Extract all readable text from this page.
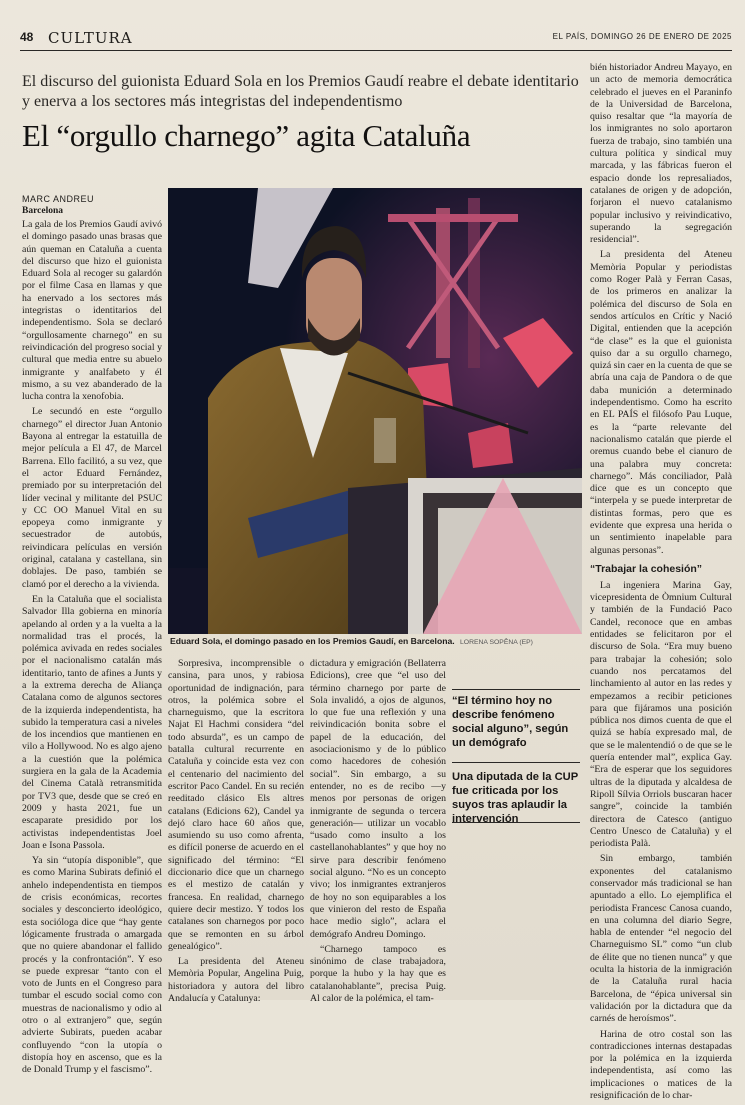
48 CULTURA	EL PAÍS, DOMINGO 26 DE ENERO DE 2025
El discurso del guionista Eduard Sola en los Premios Gaudí reabre el debate identitario y enerva a los sectores más integristas del independentismo
El “orgullo charnego” agita Cataluña
MARC ANDREU
Barcelona

La gala de los Premios Gaudí avivó el domingo pasado unas brasas que aún queman en Cataluña a cuenta del discurso que hizo el guionista Eduard Sola al recoger su galardón por el filme Casa en llamas y que ha enervado a los sectores más integristas o identitarios del independentismo. Sola se declaró “orgullosamente charnego” en su reivindicación del progreso social y cultural que media entre su abuelo inmigrante y analfabeto y él mismo, a su vez abanderado de la lucha contra la xenofobia.

Le secundó en este “orgullo charnego” el director Juan Antonio Bayona al entregar la estatuilla de mejor película a El 47, de Marcel Barrena. Ello facilitó, a su vez, que el actor Eduard Fernández, premiado por su interpretación del líder vecinal y militante del PSUC y CC OO Manuel Vital en su epopeya como inmigrante y secuestrador de autobús, reivindicara películas en versión original, catalana y castellana, sin doblajes. De paso, también se clamó por el derecho a la vivienda.

En la Cataluña que el socialista Salvador Illa gobierna en minoría apelando al orden y a la vuelta a la normalidad tras el procés, la polémica avivada en redes sociales por el nacionalismo catalán más identitario, tanto de afines a Junts y a la extrema derecha de Aliança Catalana como de algunos sectores de la izquierda independentista, ha subido la temperatura casi a niveles de los incendios que mantienen en vilo a Hollywood. No es algo ajeno a la cuestión que la polémica surgiera en la gala de la Academia del Cinema Català retransmitida por TV3 que, desde que se creó en 2009 y hasta 2021, fue un escaparate presidido por los activistas independentistas Joel Joan e Isona Passola.

Ya sin “utopía disponible”, que es como Marina Subirats definió el anhelo independentista en tiempos de crisis económicas, recortes sociales y desconcierto ideológico, esta socióloga dice que “hay gente lógicamente frustrada o amargada que no quiere abandonar el fallido procés y la confrontación”. Y eso se puede expresar “tanto con el voto de Junts en el Congreso para tumbar el escudo social como con muestras de nacionalismo y odio al otro o al extranjero” que, según advierte Subirats, pueden acabar confluyendo “con la utopía o distopía hoy en ascenso, que es la de Donald Trump y el fascismo”.

Eduard Sola, el domingo pasado en los Premios Gaudí, en Barcelona. LORENA SOPÊNA (EP)

Sorpresiva, incomprensible o cansina, para unos, y rabiosa oportunidad de indignación, para otros, la polémica sobre el charneguismo, que la escritora Najat El Hachmi considera “del todo absurda”, es un campo de batalla cultural recurrente en Cataluña y coincide esta vez con el centenario del nacimiento del escritor Paco Candel. En su recién reeditado clásico Els altres catalans (Edicions 62), Candel ya dejó claro hace 60 años que, asumiendo su uso como afrenta, es difícil ponerse de acuerdo en el significado del término: “El diccionario dice que un charnego es el mestizo de catalán y francesa. En realidad, charnego quiere decir mestizo. Y todos los catalanes son charnegos por poco que se remonten en su árbol genealógico”.

La presidenta del Ateneu Memòria Popular, Angelina Puig, historiadora y autora del libro Andalucía y Catalunya:

dictadura y emigración (Bellaterra Edicions), cree que “el uso del término charnego por parte de Sola invalidó, a ojos de algunos, lo que fue una reflexión y una reivindicación bonita sobre el papel de la educación, del asociacionismo y de lo público como hacedores de cohesión social”. Sin embargo, a su entender, no es de recibo —y menos por personas de origen inmigrante de segunda o tercera generación— utilizar un vocablo “usado como insulto a los castellanohablantes” y que hoy no sirve para describir fenómeno social alguno. “No es un concepto vivo; los inmigrantes extranjeros de hoy no son equiparables a los que vinieron del resto de España hace medio siglo”, aclara el demógrafo Andreu Domingo.

“Charnego tampoco es sinónimo de clase trabajadora, porque la hubo y la hay que es catalanohablante”, precisa Puig. Al calor de la polémica, el tam-

“El término hoy no describe fenómeno social alguno”, según un demógrafo
Una diputada de la CUP fue criticada por los suyos tras aplaudir la intervención

bién historiador Andreu Mayayo, en un acto de memoria democrática celebrado el jueves en el Paraninfo de la Universidad de Barcelona, quiso resaltar que “la mayoría de los inmigrantes no solo aportaron fuerza de trabajo, sino también una cultura política y sindical muy marcada, y las fábricas fueron el espacio donde los represaliados, catalanes de origen y de adopción, forjaron el nuevo catalanismo popular inclusivo y reivindicativo, superando la segregación residencial”.

La presidenta del Ateneu Memòria Popular y periodistas como Roger Palà y Ferran Casas, de los primeros en analizar la polémica del discurso de Sola en sendos artículos en Crític y Nació Digital, entienden que la acepción “de clase” es la que el guionista quiso dar a su orgullo charnego, quizá sin caer en la cuenta de que se abría una caja de Pandora o de que daba munición a determinado independentismo. Como ha escrito en EL PAÍS el filósofo Pau Luque, es la “parte relevante del nacionalismo catalán que pierde el oremus cuando bebe el cianuro de una palabra muy concreta: charnego”. Más conciliador, Palà dice que es un concepto que “interpela y se puede interpretar de distintas formas, pero que es evidente que expresa una herida o un sentimiento inapelable para algunas personas”.

“Trabajar la cohesión”

La ingeniera Marina Gay, vicepresidenta de Òmnium Cultural y también de la Fundació Paco Candel, reconoce que en ambas entidades se felicitaron por el discurso de Sola. “Era muy bueno para trabajar la cohesión; solo cuando nos percatamos del linchamiento al autor en las redes y empezamos a recibir peticiones para que fijáramos una posición pública nos dimos cuenta de que el quizá se había expresado mal, de que se le malentendió o de que se le quería entender mal”, explica Gay. “Era de esperar que los seguidores ultras de la diputada y alcaldesa de Ripoll Sílvia Orriols buscaran hacer sangre”, coincide la también directora de Catesco (antiguo Centro Unesco de Cataluña) y el periodista Palà.

Sin embargo, también exponentes del catalanismo conservador más tradicional se han apuntado a ello. Lo ejemplifica el periodista Francesc Canosa cuando, en una columna del diario Segre, habla de entender “el negocio del Charneguismo SL” como “un club de élite que no tienen nunca” y que oculta la historia de la inmigración de la Cataluña rural hacia Barcelona, de “épica universal sin validación por la dictadura que da carnés de heroísmos”.

Harina de otro costal son las contradicciones internas destapadas por la polémica en la izquierda independentista, así como las implicaciones o matices de la resignificación de lo char-
